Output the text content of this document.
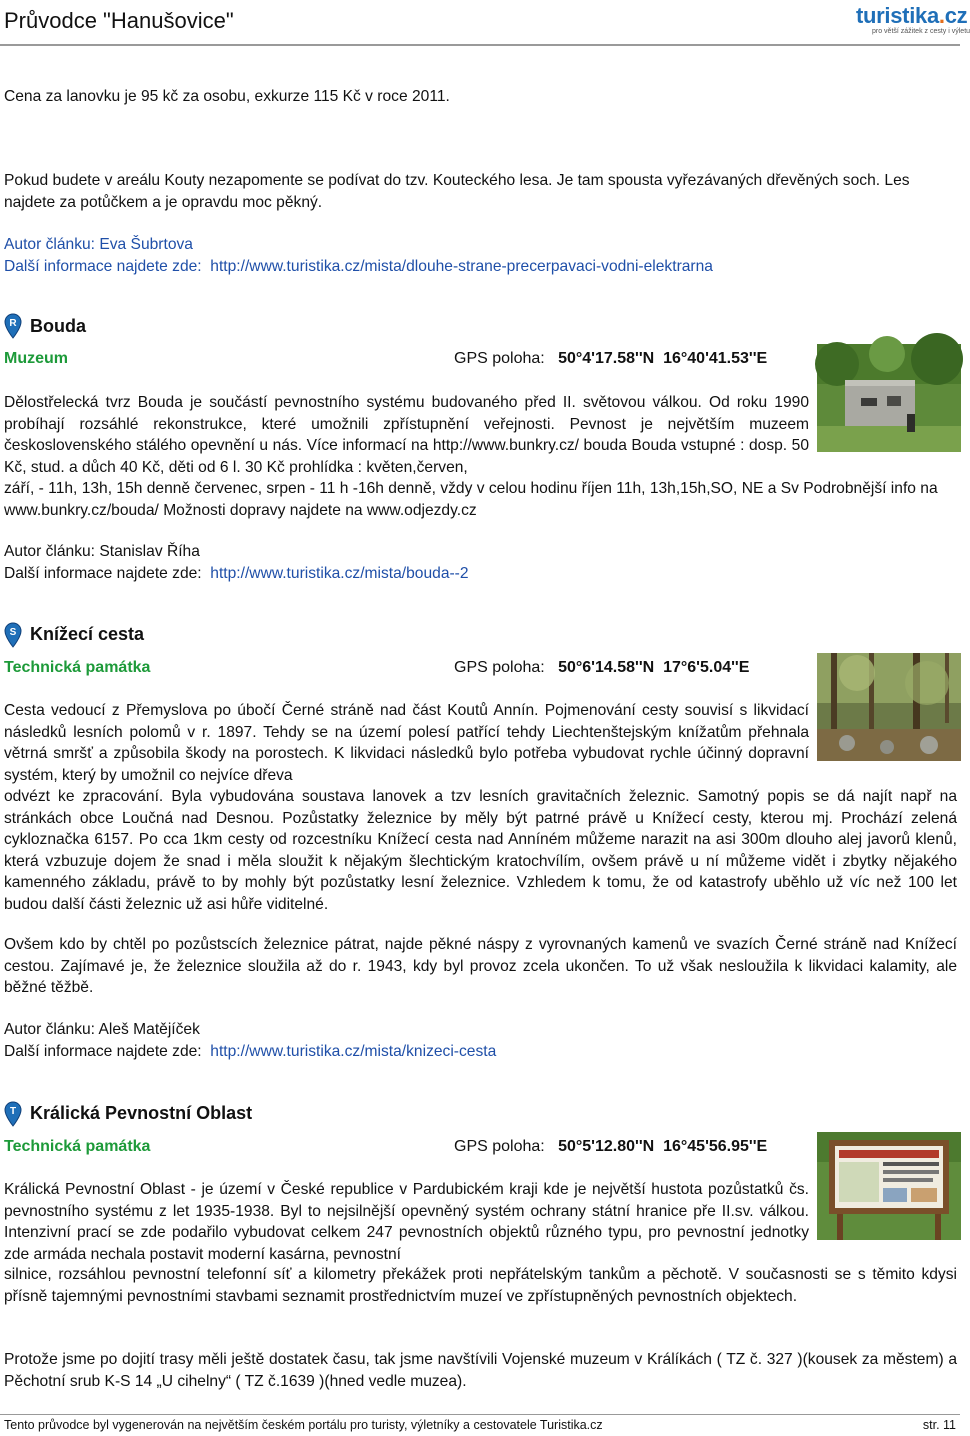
Průvodce "Hanušovice"	turistika.cz
pro větší zážitek z cesty i výletu

Cena za lanovku je 95 kč za osobu, exkurze 115 Kč v roce 2011.

Pokud budete v areálu Kouty nezapomente se podívat do tzv. Kouteckého lesa. Je tam spousta vyřezávaných dřevěných soch. Les najdete za potůčkem a je opravdu moc pěkný.

Autor článku: Eva Šubrtova

Další informace najdete zde: http://www.turistika.cz/mista/dlouhe-strane-precerpavaci-vodni-elektrarna

R Bouda
Muzeum	GPS poloha: 50°4'17.58''N 16°40'41.53''E

Dělostřelecká tvrz Bouda je součástí pevnostního systému budovaného před II. světovou válkou. Od roku 1990 probíhají rozsáhlé rekonstrukce, které umožnili zpřístupnění veřejnosti. Pevnost je největším muzeem československého stálého opevnění u nás. Více informací na http://www.bunkry.cz/ bouda Bouda vstupné : dosp. 50 Kč, stud. a důch 40 Kč, děti od 6 l. 30 Kč prohlídka : květen,červen,

září, - 11h, 13h, 15h denně červenec, srpen - 11 h -16h denně, vždy v celou hodinu říjen 11h, 13h,15h,SO, NE a Sv Podrobnější info na www.bunkry.cz/bouda/ Možnosti dopravy najdete na www.odjezdy.cz

Autor článku: Stanislav Říha

Další informace najdete zde: http://www.turistika.cz/mista/bouda--2

S Knížecí cesta
Technická památka	GPS poloha: 50°6'14.58''N 17°6'5.04''E

Cesta vedoucí z Přemyslova po úbočí Černé stráně nad část Koutů Annín. Pojmenování cesty souvisí s likvidací následků lesních polomů v r. 1897. Tehdy se na území polesí patřící tehdy Liechtenštejským knížatům přehnala větrná smršť a způsobila škody na porostech. K likvidaci následků bylo potřeba vybudovat rychle účinný dopravní systém, který by umožnil co nejvíce dřeva

odvézt ke zpracování. Byla vybudována soustava lanovek a tzv lesních gravitačních železnic. Samotný popis se dá najít např na stránkách obce Loučná nad Desnou. Pozůstatky železnice by měly být patrné právě u Knížecí cesty, kterou mj. Prochází zelená cykloznačka 6157. Po cca 1km cesty od rozcestníku Knížecí cesta nad Anníném můžeme narazit na asi 300m dlouho alej javorů klenů, která vzbuzuje dojem že snad i měla sloužit k nějakým šlechtickým kratochvílím, ovšem právě u ní můžeme vidět i zbytky nějakého kamenného základu, právě to by mohly být pozůstatky lesní železnice. Vzhledem k tomu, že od katastrofy uběhlo už víc než 100 let budou další části železnic už asi hůře viditelné.

Ovšem kdo by chtěl po pozůstscích železnice pátrat, najde pěkné náspy z vyrovnaných kamenů ve svazích Černé stráně nad Knížecí cestou. Zajímavé je, že železnice sloužila až do r. 1943, kdy byl provoz zcela ukončen. To už však nesloužila k likvidaci kalamity, ale běžné těžbě.

Autor článku: Aleš Matějíček

Další informace najdete zde: http://www.turistika.cz/mista/knizeci-cesta

T Králická Pevnostní Oblast
Technická památka	GPS poloha: 50°5'12.80''N 16°45'56.95''E

Králická Pevnostní Oblast - je území v České republice v Pardubickém kraji kde je největší hustota pozůstatků čs. pevnostního systému z let 1935-1938. Byl to nejsilnější opevněný systém ochrany státní hranice pře II.sv. válkou. Intenzivní prací se zde podařilo vybudovat celkem 247 pevnostních objektů různého typu, pro pevnostní jednotky zde armáda nechala postavit moderní kasárna, pevnostní

silnice, rozsáhlou pevnostní telefonní síť a kilometry překážek proti nepřátelským tankům a pěchotě. V současnosti se s těmito kdysi přísně tajemnými pevnostními stavbami seznamit prostřednictvím muzeí ve zpřístupněných pevnostních objektech.

Protože jsme po dojití trasy měli ještě dostatek času, tak jsme navštívili Vojenské muzeum v Králíkách ( TZ č. 327 )(kousek za městem) a Pěchotní srub K-S 14 „U cihelny“ ( TZ č.1639 )(hned vedle muzea).

Tento průvodce byl vygenerován na největším českém portálu pro turisty, výletníky a cestovatele Turistika.cz	str. 11
